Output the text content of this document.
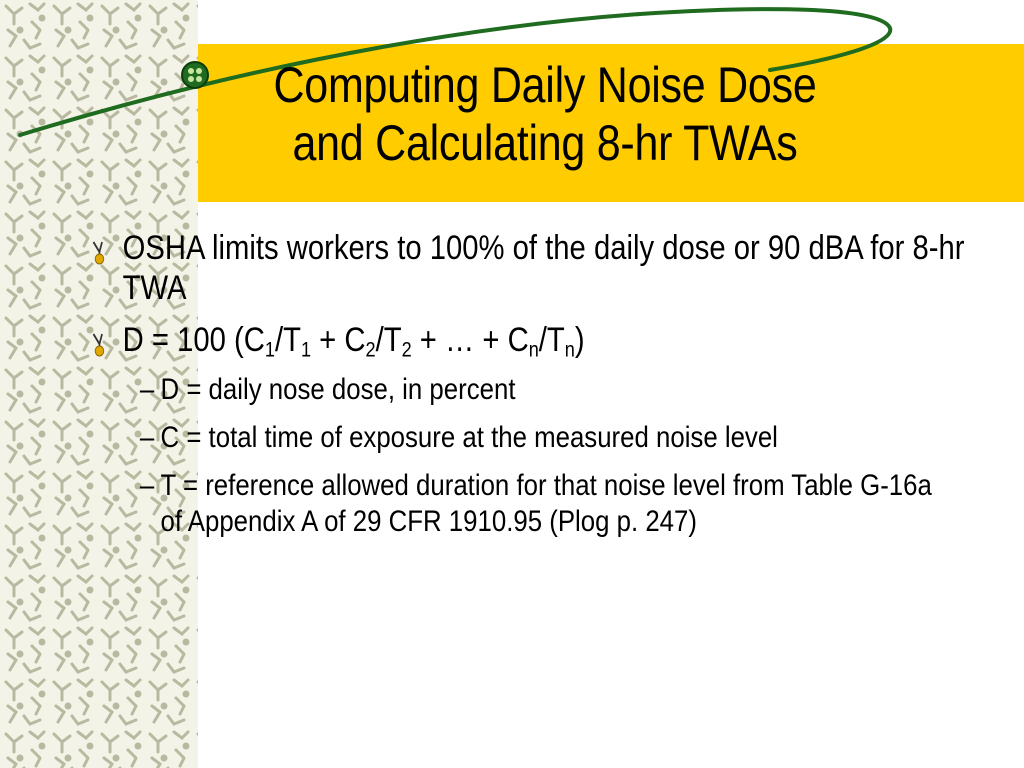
Computing Daily Noise Dose
and Calculating 8-hr TWAs
OSHA limits workers to 100% of the daily dose or 90 dBA for 8-hr TWA
D = 100 ($C_1/T_1 + C_2/T_2$ + … + $C_n/T_n$)
– D = daily nose dose, in percent
– C = total time of exposure at the measured noise level
– T = reference allowed duration for that noise level from Table G-16a of Appendix A of 29 CFR 1910.95 (Plog p. 247)
